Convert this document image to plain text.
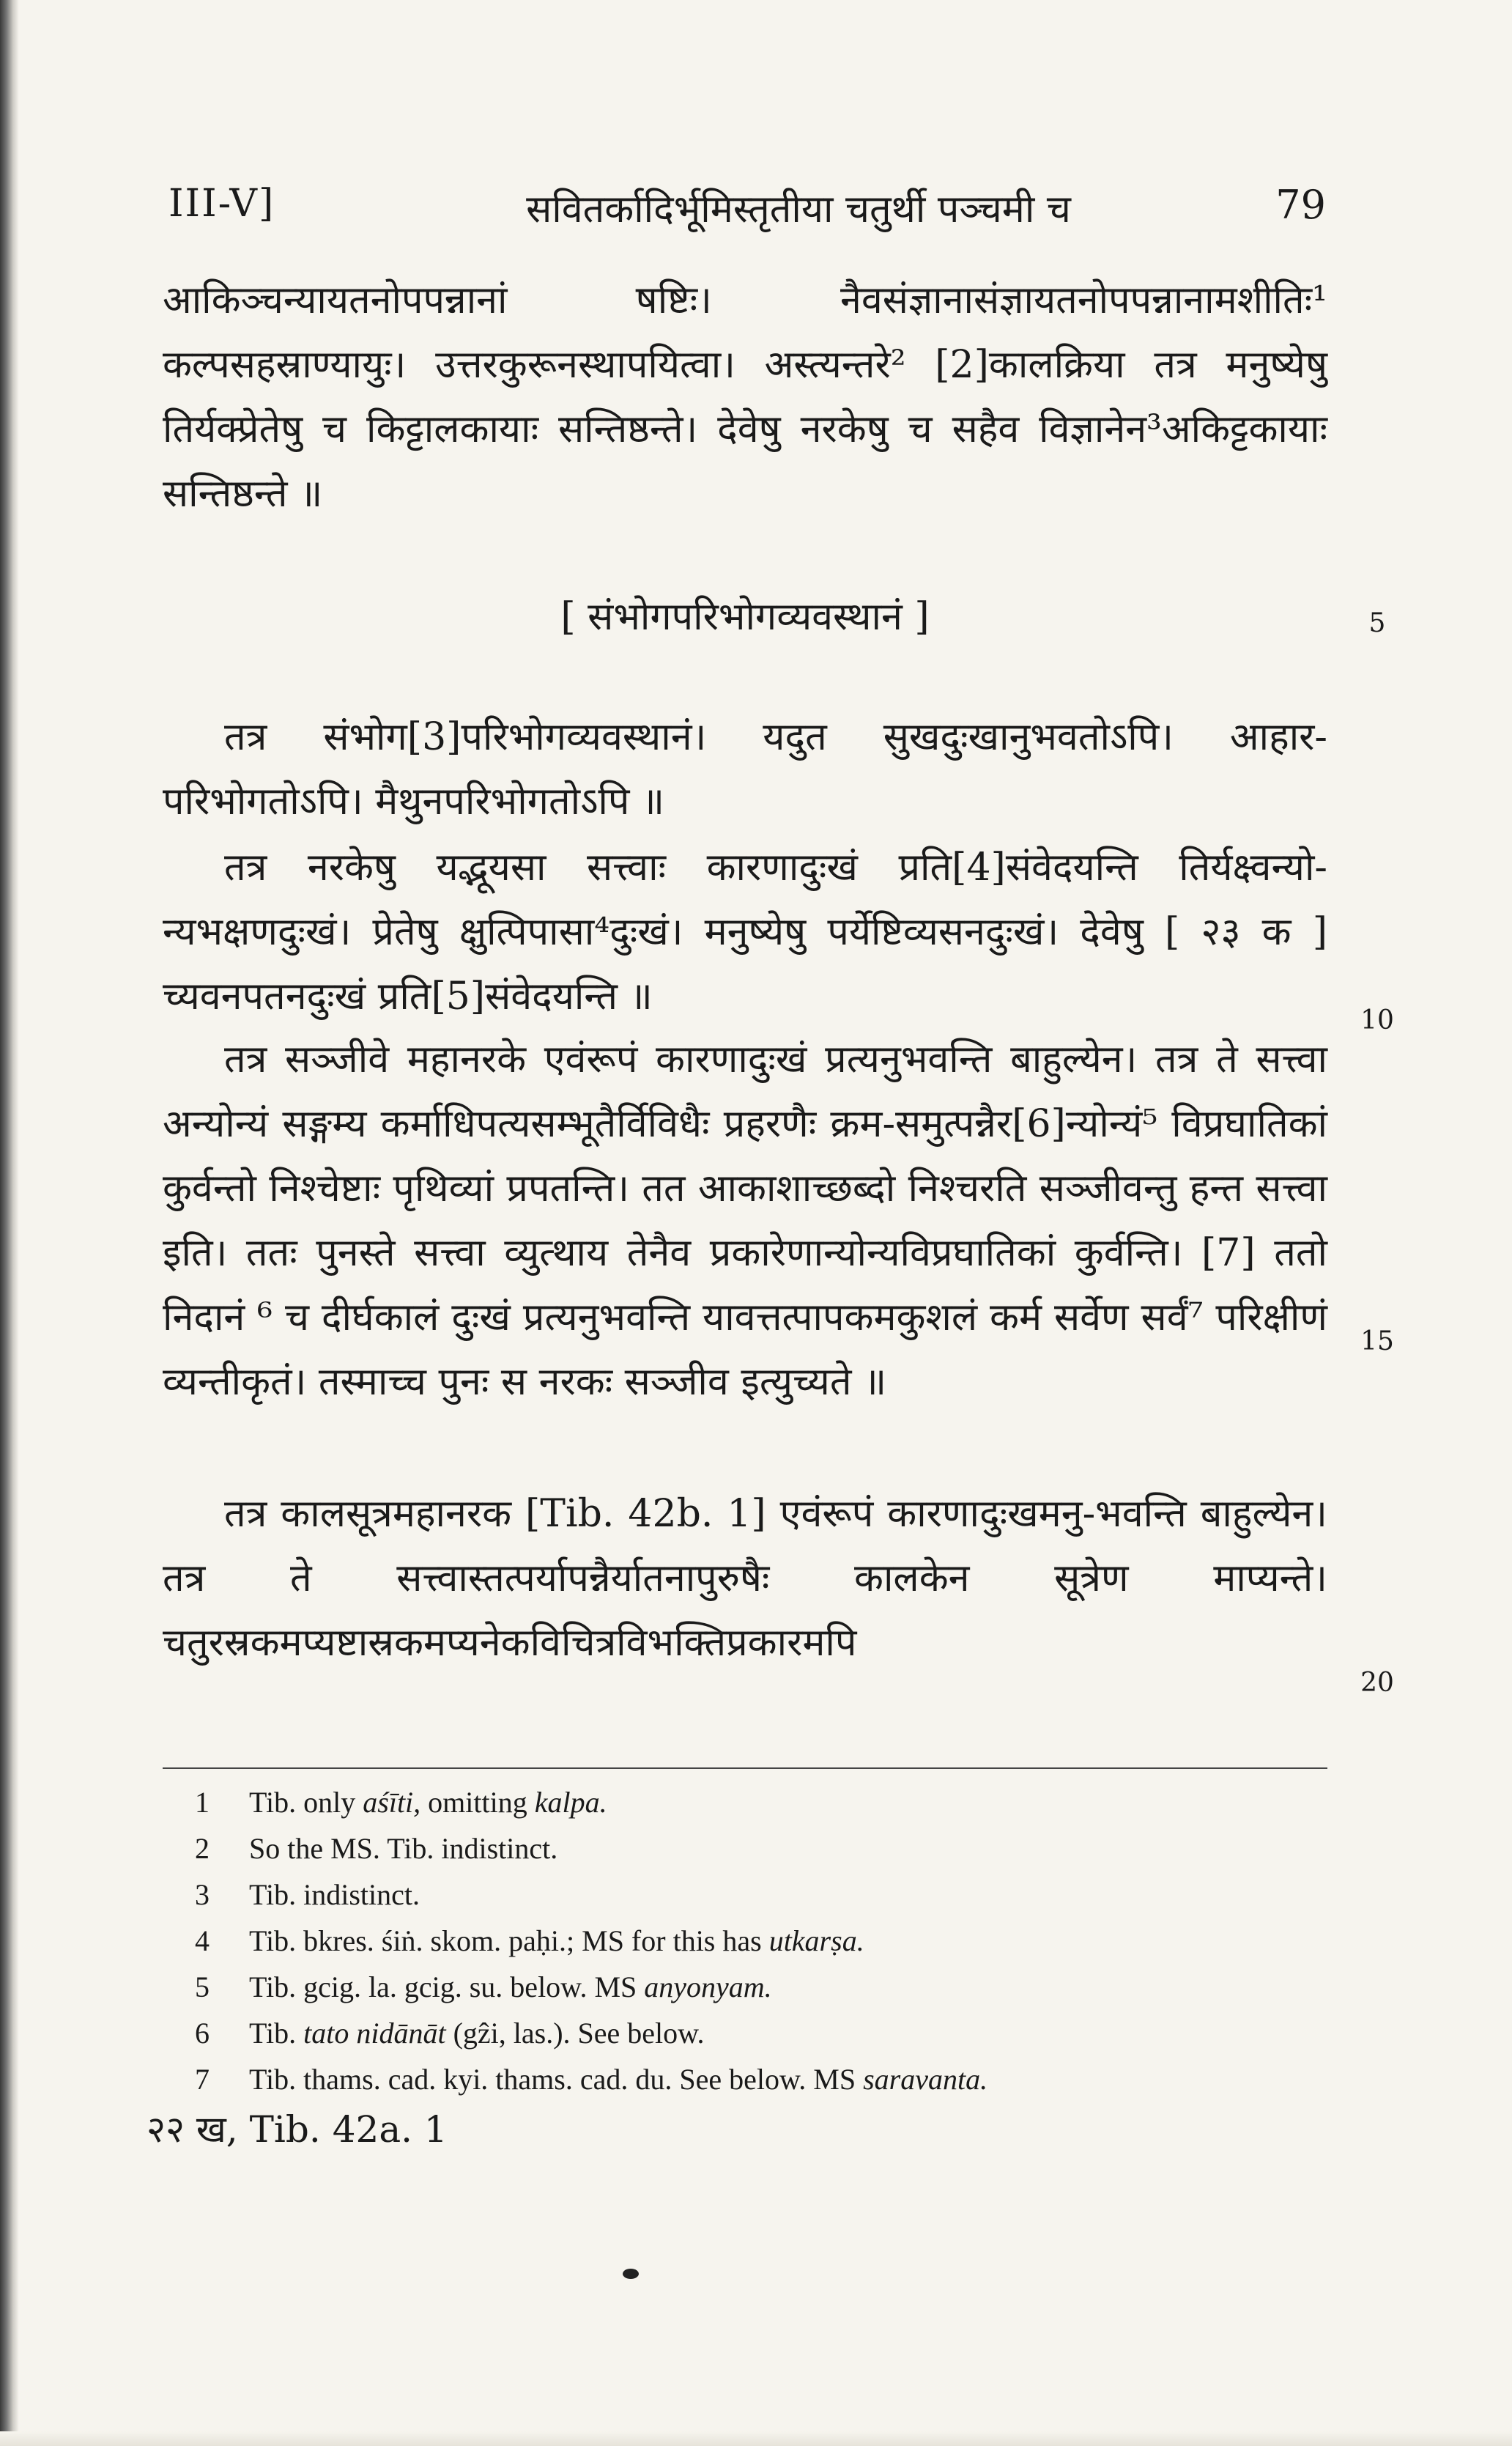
III-V]	सवितर्कादिर्भूमिस्तृतीया चतुर्थी पञ्चमी च	79

आकिञ्चन्यायतनोपपन्नानां षष्टिः। नैवसंज्ञानासंज्ञायतनोपपन्नानामशीतिः¹ कल्पसहस्राण्यायुः। उत्तरकुरूनस्थापयित्वा। अस्त्यन्तरे² [2]कालक्रिया तत्र मनुष्येषु तिर्यक्प्रेतेषु च किट्टालकायाः सन्तिष्ठन्ते। देवेषु नरकेषु च सहैव विज्ञानेन³अकिट्टकायाः सन्तिष्ठन्ते ॥

[ संभोगपरिभोगव्यवस्थानं ]

तत्र संभोग[3]परिभोगव्यवस्थानं। यदुत सुखदुःखानुभवतोऽपि। आहार-परिभोगतोऽपि। मैथुनपरिभोगतोऽपि ॥

तत्र नरकेषु यद्भूयसा सत्त्वाः कारणादुःखं प्रति[4]संवेदयन्ति तिर्यक्ष्वन्यो-न्यभक्षणदुःखं। प्रेतेषु क्षुत्पिपासा⁴दुःखं। मनुष्येषु पर्येष्टिव्यसनदुःखं। देवेषु [ २३ क ] च्यवनपतनदुःखं प्रति[5]संवेदयन्ति ॥

तत्र सञ्जीवे महानरके एवंरूपं कारणादुःखं प्रत्यनुभवन्ति बाहुल्येन। तत्र ते सत्त्वा अन्योन्यं सङ्गम्य कर्माधिपत्यसम्भूतैर्विविधैः प्रहरणैः क्रम-समुत्पन्नैर[6]न्योन्यं⁵ विप्रघातिकां कुर्वन्तो निश्चेष्टाः पृथिव्यां प्रपतन्ति। तत आकाशाच्छब्दो निश्चरति सञ्जीवन्तु हन्त सत्त्वा इति। ततः पुनस्ते सत्त्वा व्युत्थाय तेनैव प्रकारेणान्योन्यविप्रघातिकां कुर्वन्ति। [7] ततो निदानं ⁶ च दीर्घकालं दुःखं प्रत्यनुभवन्ति यावत्तत्पापकमकुशलं कर्म सर्वेण सर्वं⁷ परिक्षीणं व्यन्तीकृतं। तस्माच्च पुनः स नरकः सञ्जीव इत्युच्यते ॥

तत्र कालसूत्रमहानरक [Tib. 42b. 1] एवंरूपं कारणादुःखमनु-भवन्ति बाहुल्येन। तत्र ते सत्त्वास्तत्पर्यापन्नैर्यातनापुरुषैः कालकेन सूत्रेण माप्यन्ते। चतुरस्रकमप्यष्टास्रकमप्यनेकविचित्रविभक्तिप्रकारमपि

5
10
15
20
1	Tib. only aśīti, omitting kalpa.
2	So the MS. Tib. indistinct.
3	Tib. indistinct.
4	Tib. bkres. śiṅ. skom. paḥi.; MS for this has utkarṣa.
5	Tib. gcig. la. gcig. su. below. MS anyonyam.
6	Tib. tato nidānāt (gẑi, las.). See below.
7	Tib. thams. cad. kyi. thams. cad. du. See below. MS saravanta.
२२ ख, Tib. 42a. 1
